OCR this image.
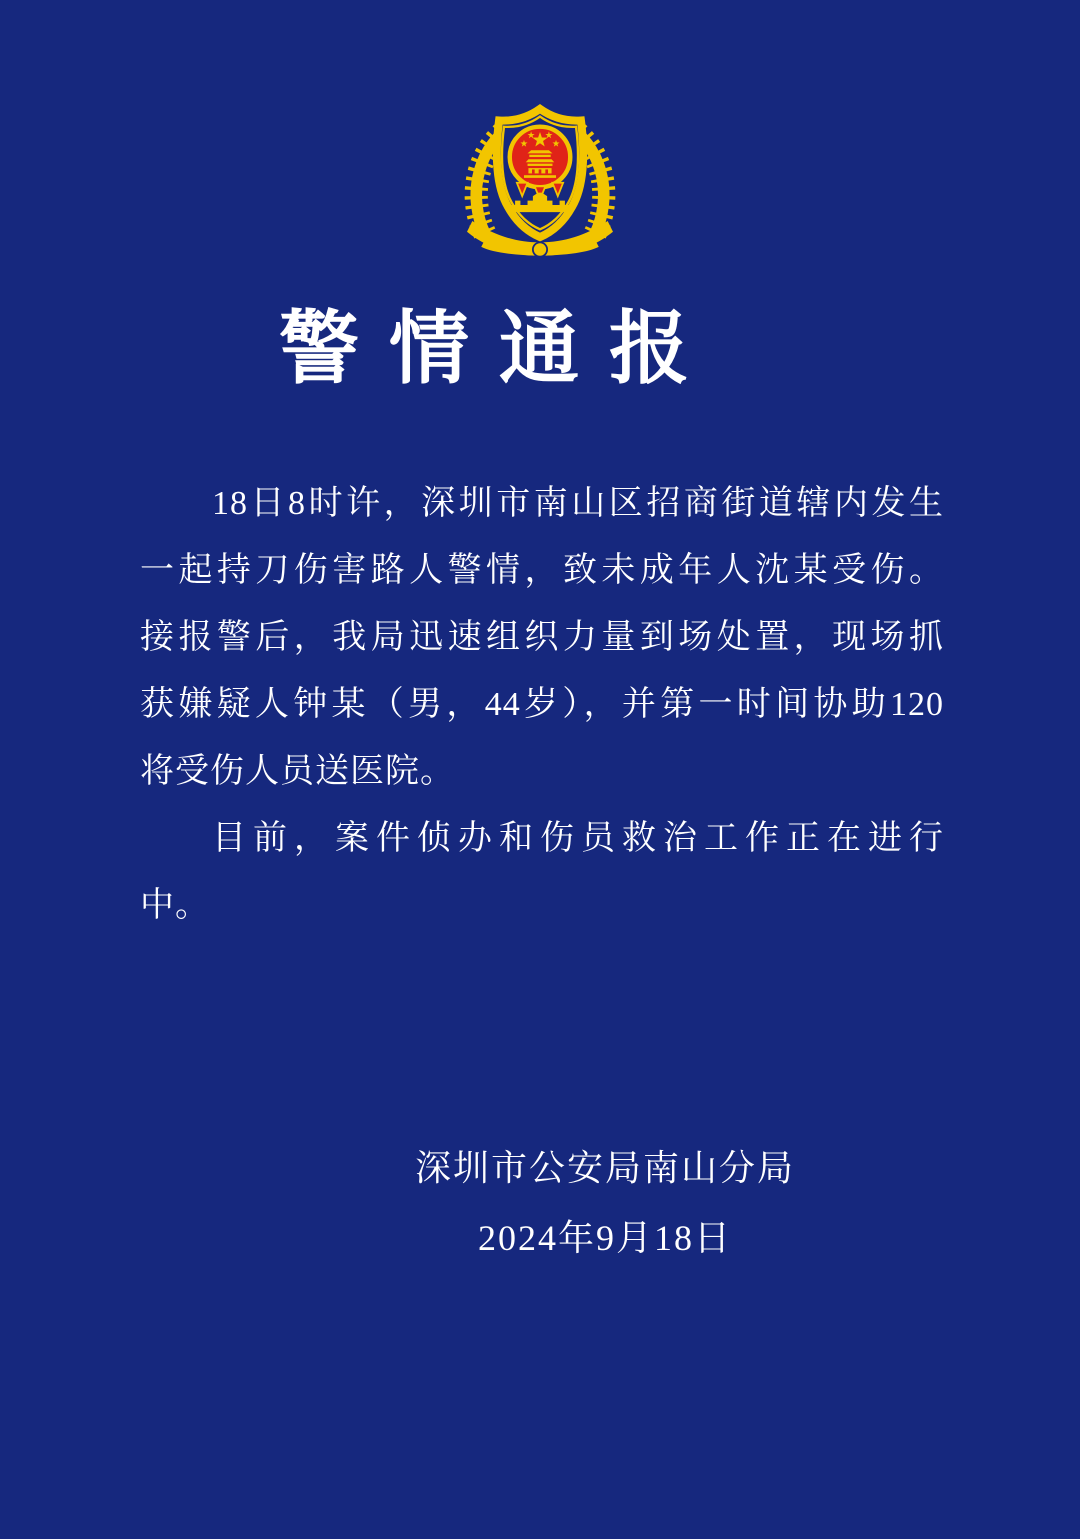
警情通报
18日8时许，深圳市南山区招商街道辖内发生
一起持刀伤害路人警情，致未成年人沈某受伤。
接报警后，我局迅速组织力量到场处置，现场抓
获嫌疑人钟某（男，44岁），并第一时间协助120
将受伤人员送医院。
目前，案件侦办和伤员救治工作正在进行
中。
深圳市公安局南山分局
2024年9月18日
